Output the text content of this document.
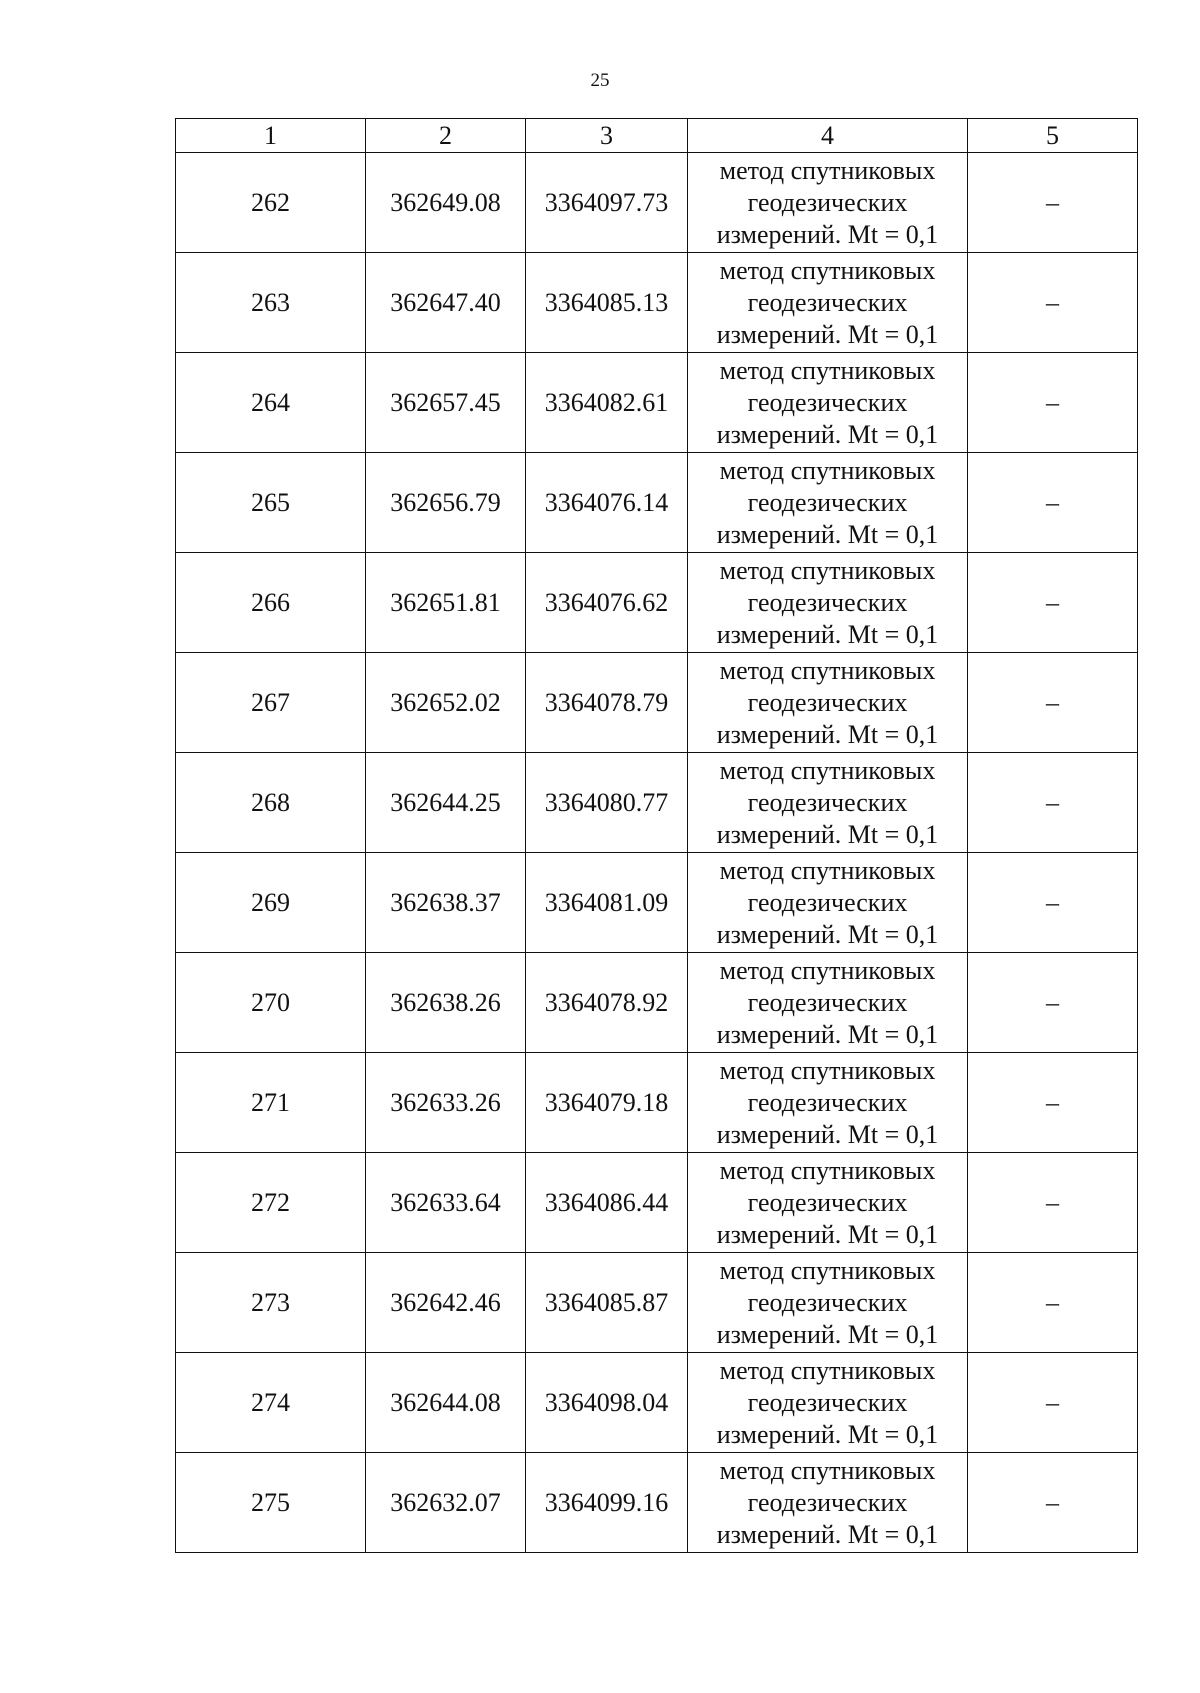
25
1	2	3	4	5
262	362649.08	3364097.73	метод спутниковых
геодезических
измерений. Mt = 0,1	–
263	362647.40	3364085.13	метод спутниковых
геодезических
измерений. Mt = 0,1	–
264	362657.45	3364082.61	метод спутниковых
геодезических
измерений. Mt = 0,1	–
265	362656.79	3364076.14	метод спутниковых
геодезических
измерений. Mt = 0,1	–
266	362651.81	3364076.62	метод спутниковых
геодезических
измерений. Mt = 0,1	–
267	362652.02	3364078.79	метод спутниковых
геодезических
измерений. Mt = 0,1	–
268	362644.25	3364080.77	метод спутниковых
геодезических
измерений. Mt = 0,1	–
269	362638.37	3364081.09	метод спутниковых
геодезических
измерений. Mt = 0,1	–
270	362638.26	3364078.92	метод спутниковых
геодезических
измерений. Mt = 0,1	–
271	362633.26	3364079.18	метод спутниковых
геодезических
измерений. Mt = 0,1	–
272	362633.64	3364086.44	метод спутниковых
геодезических
измерений. Mt = 0,1	–
273	362642.46	3364085.87	метод спутниковых
геодезических
измерений. Mt = 0,1	–
274	362644.08	3364098.04	метод спутниковых
геодезических
измерений. Mt = 0,1	–
275	362632.07	3364099.16	метод спутниковых
геодезических
измерений. Mt = 0,1	–
